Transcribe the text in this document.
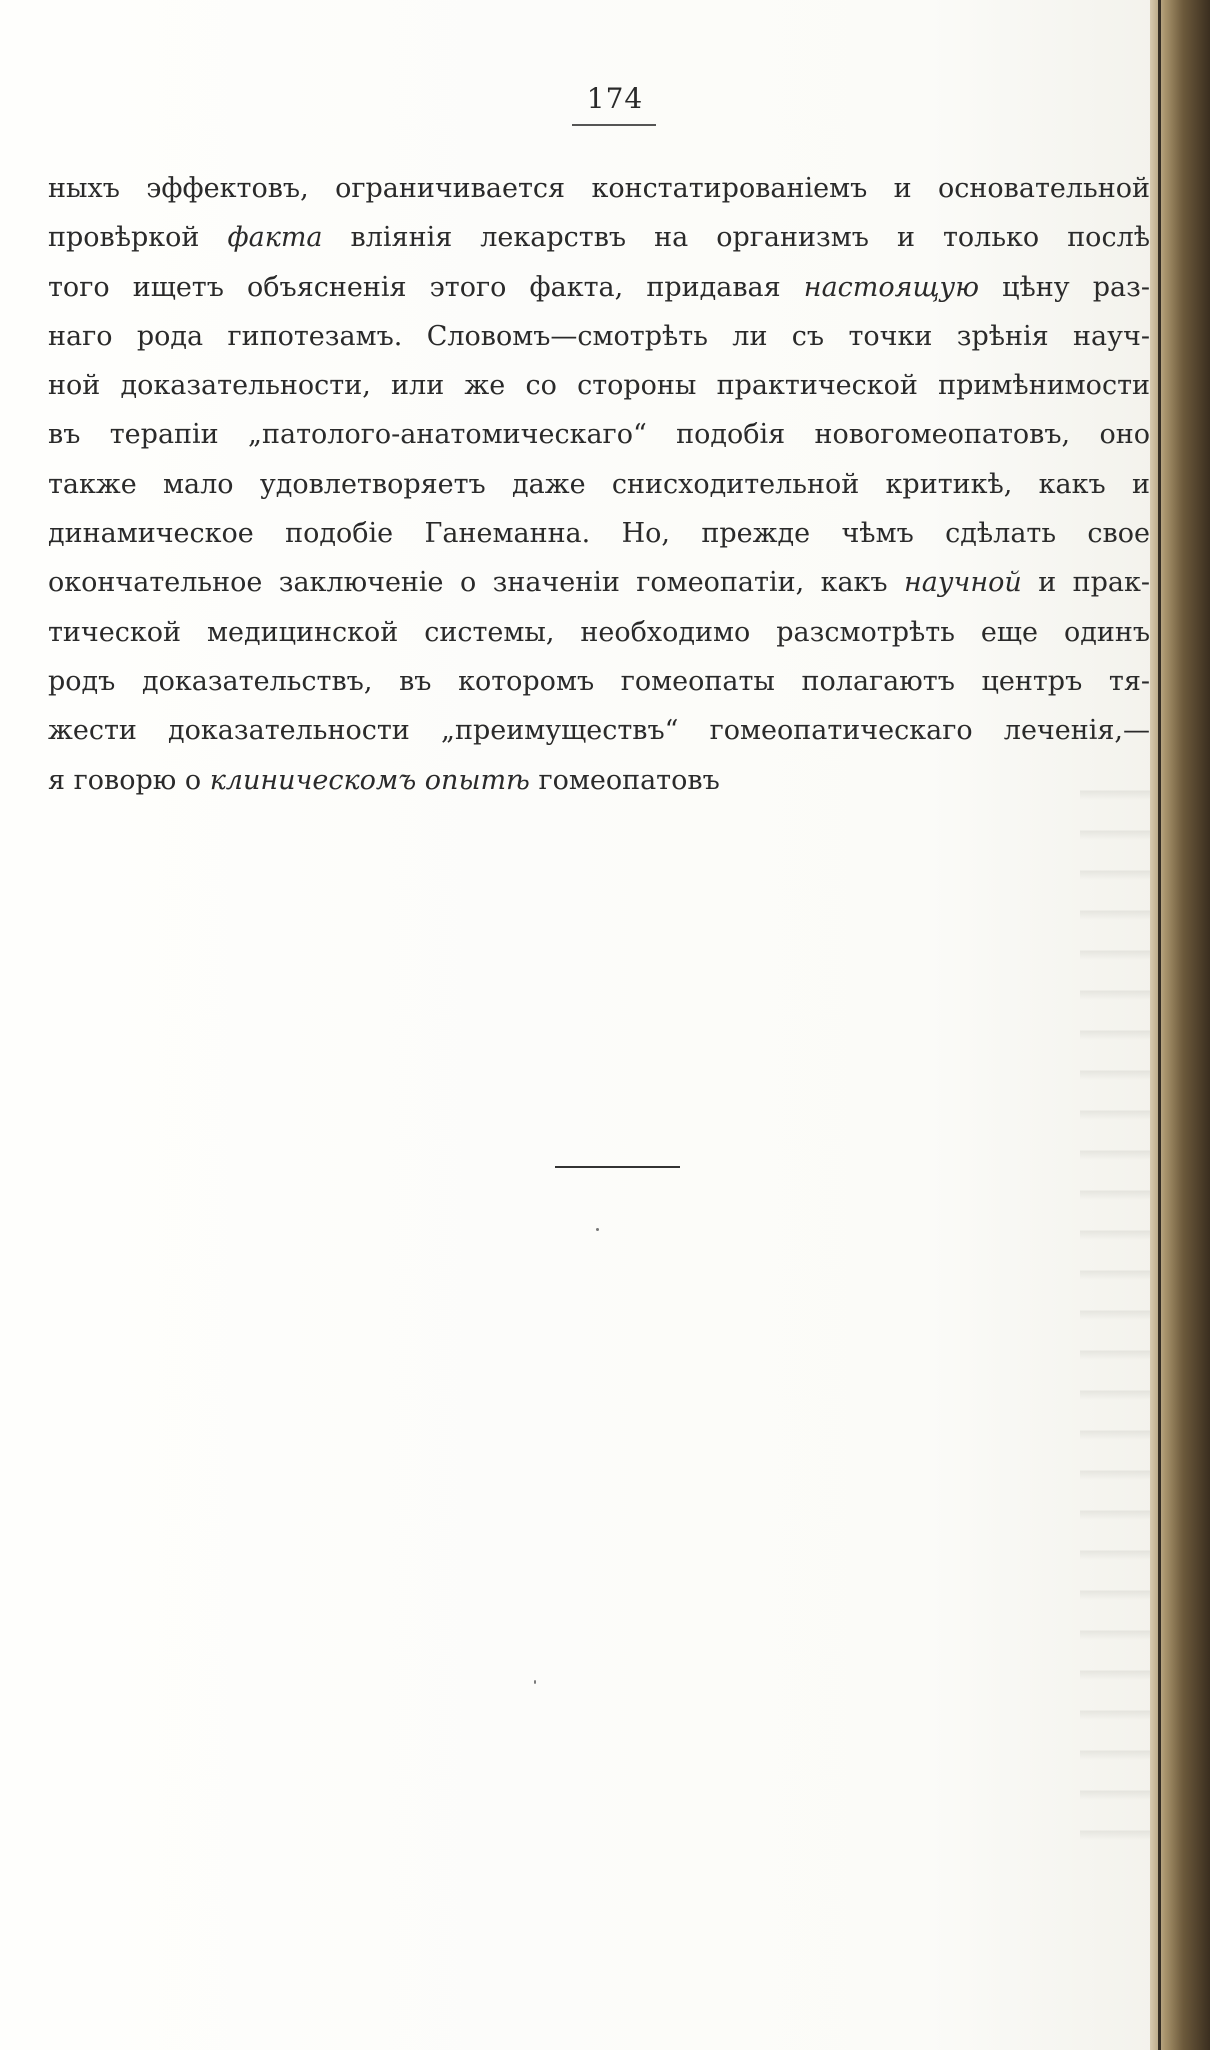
174
ныхъ эффектовъ, ограничивается констатированіемъ и основательной
провѣркой факта вліянія лекарствъ на организмъ и только послѣ
того ищетъ объясненія этого факта, придавая настоящую цѣну раз-
наго рода гипотезамъ. Словомъ—смотрѣть ли съ точки зрѣнія науч-
ной доказательности, или же со стороны практической примѣнимости
въ терапіи „патолого-анатомическаго“ подобія новогомеопатовъ, оно
также мало удовлетворяетъ даже снисходительной критикѣ, какъ и
динамическое подобіе Ганеманна. Но, прежде чѣмъ сдѣлать свое
окончательное заключеніе о значеніи гомеопатіи, какъ научной и прак-
тической медицинской системы, необходимо разсмотрѣть еще одинъ
родъ доказательствъ, въ которомъ гомеопаты полагаютъ центръ тя-
жести доказательности „преимуществъ“ гомеопатическаго леченія,—
я говорю о клиническомъ опытѣ гомеопатовъ
